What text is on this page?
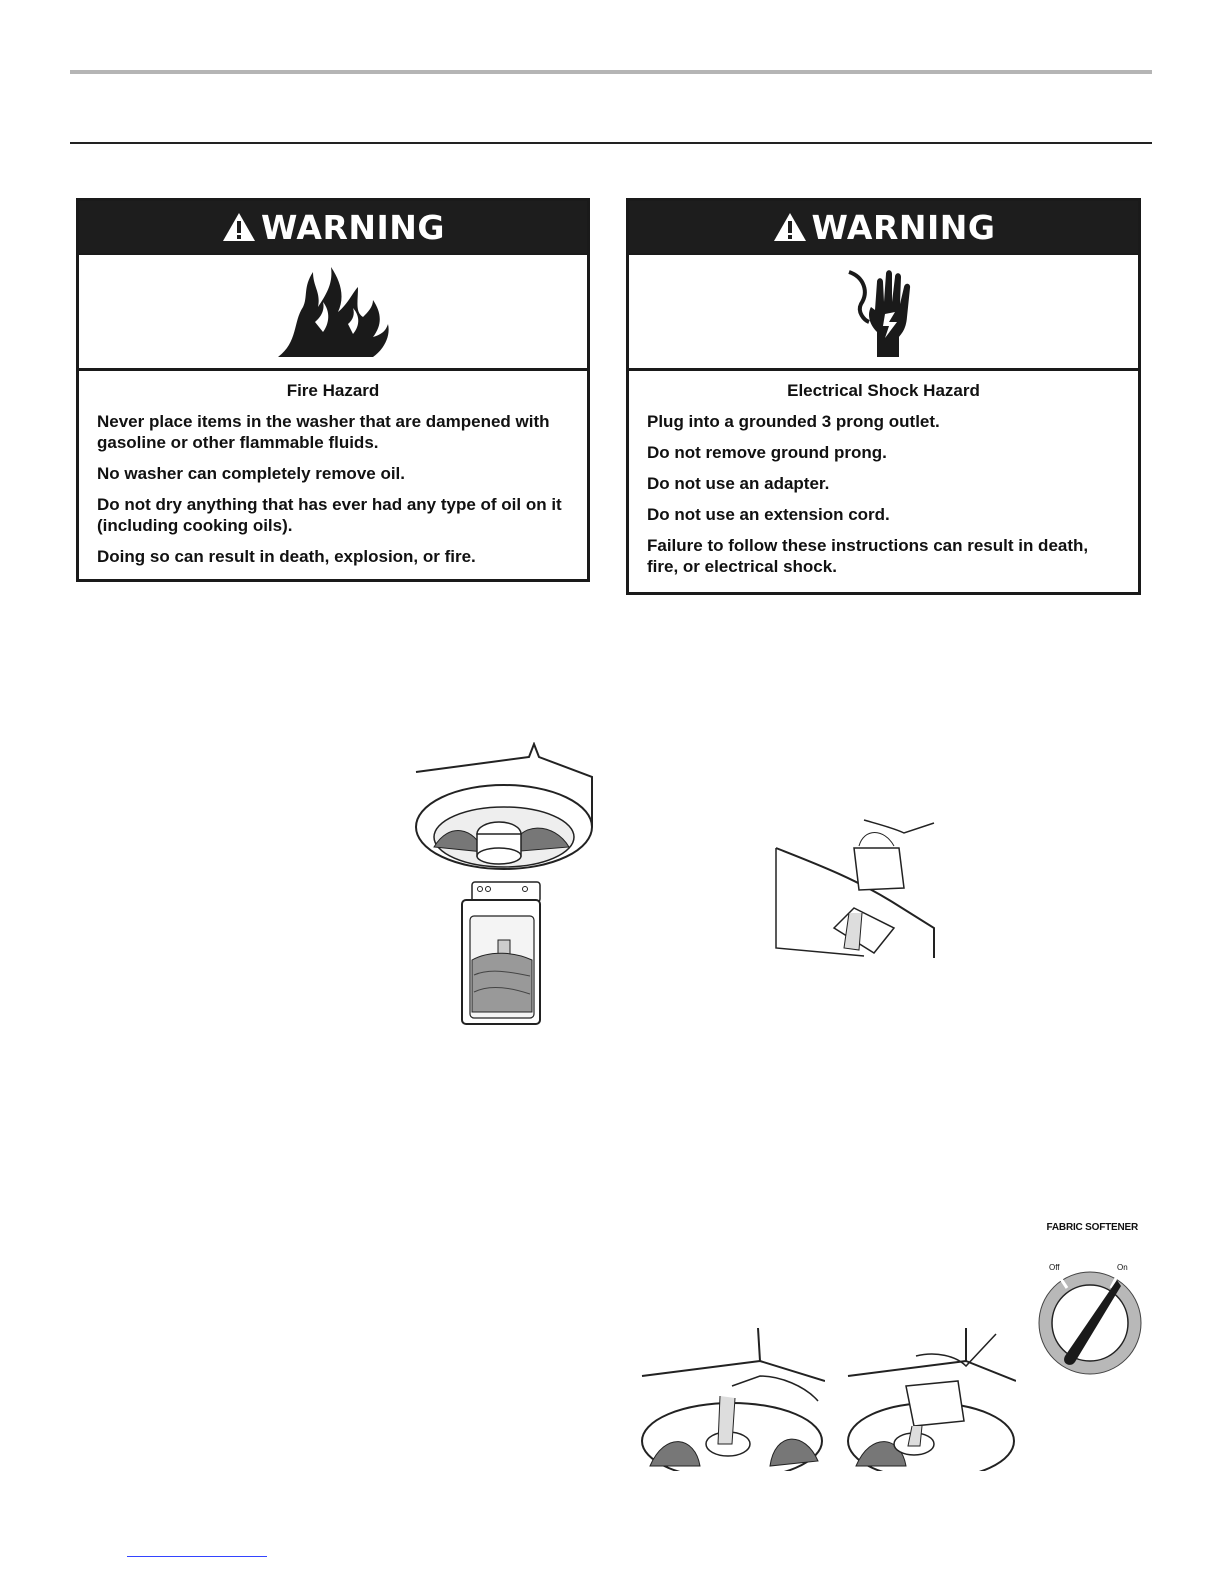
WARNING
Fire Hazard

Never place items in the washer that are dampened with gasoline or other flammable fluids.

No washer can completely remove oil.

Do not dry anything that has ever had any type of oil on it (including cooking oils).

Doing so can result in death, explosion, or fire.

WARNING
Electrical Shock Hazard

Plug into a grounded 3 prong outlet.

Do not remove ground prong.

Do not use an adapter.

Do not use an extension cord.

Failure to follow these instructions can result in death, fire, or electrical shock.

FABRIC SOFTENER
Off	On
